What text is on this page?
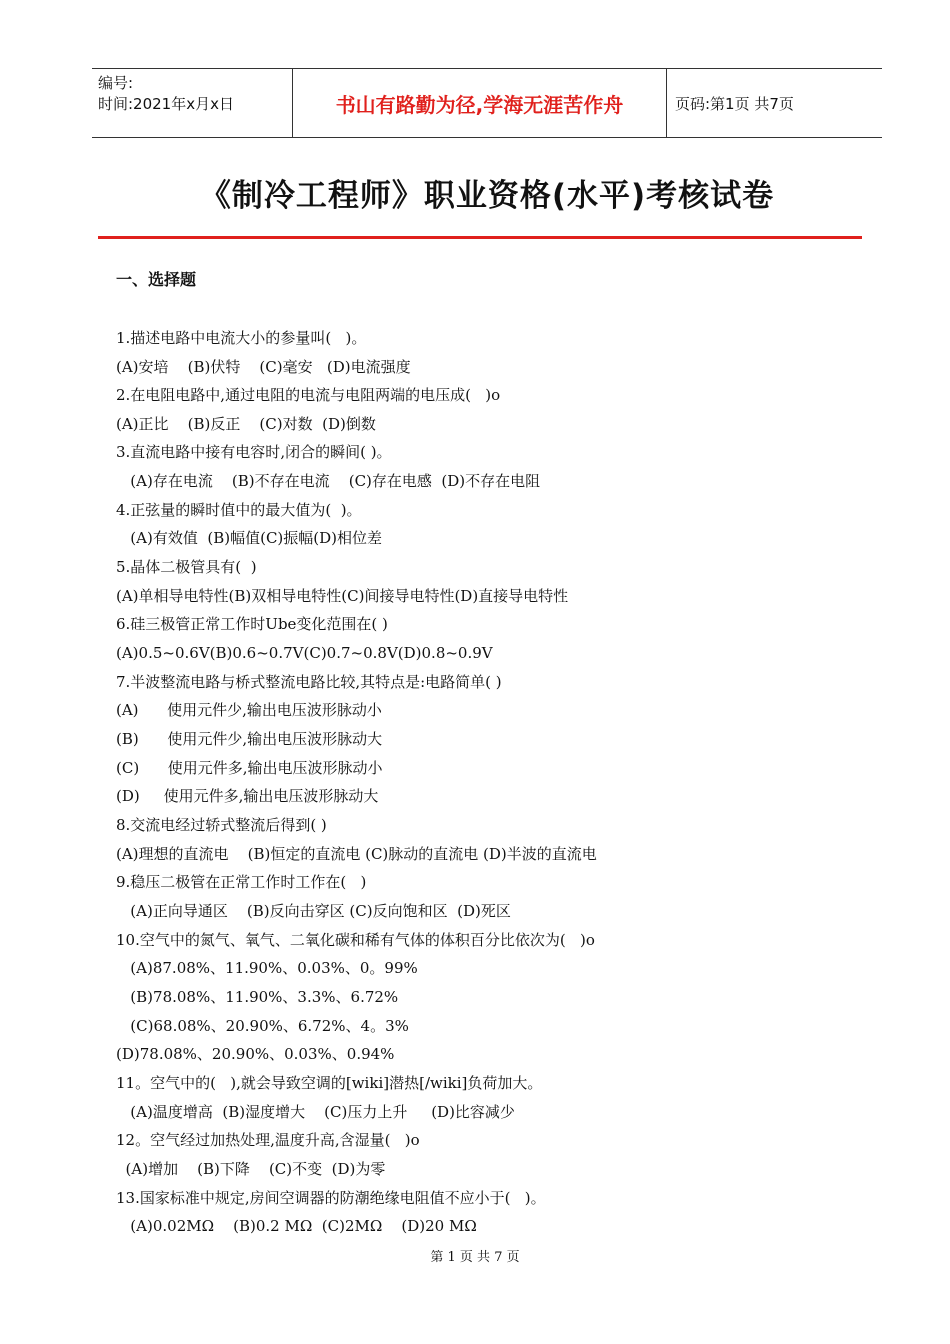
编号:
时间:2021年x月x日	书山有路勤为径,学海无涯苦作舟	页码:第1页 共7页
《制冷工程师》职业资格(水平)考核试卷
一、选择题
1.描述电路中电流大小的参量叫(   )。
(A)安培    (B)伏特    (C)毫安   (D)电流强度
2.在电阻电路中,通过电阻的电流与电阻两端的电压成(   )o
(A)正比    (B)反正    (C)对数  (D)倒数
3.直流电路中接有电容时,闭合的瞬间( )。
(A)存在电流    (B)不存在电流    (C)存在电感  (D)不存在电阻
4.正弦量的瞬时值中的最大值为(  )。
(A)有效值  (B)幅值(C)振幅(D)相位差
5.晶体二极管具有(  )
(A)单相导电特性(B)双相导电特性(C)间接导电特性(D)直接导电特性
6.硅三极管正常工作时Ube变化范围在( )
(A)0.5~0.6V(B)0.6~0.7V(C)0.7~0.8V(D)0.8~0.9V
7.半波整流电路与桥式整流电路比较,其特点是:电路简单( )
(A)      使用元件少,输出电压波形脉动小
(B)      使用元件少,输出电压波形脉动大
(C)      使用元件多,输出电压波形脉动小
(D)     使用元件多,输出电压波形脉动大
8.交流电经过轿式整流后得到( )
(A)理想的直流电    (B)恒定的直流电 (C)脉动的直流电 (D)半波的直流电
9.稳压二极管在正常工作时工作在(   )
(A)正向导通区    (B)反向击穿区 (C)反向饱和区  (D)死区
10.空气中的氮气、氧气、二氧化碳和稀有气体的体积百分比依次为(   )o
(A)87.08%、11.90%、0.03%、0。99%
(B)78.08%、11.90%、3.3%、6.72%
(C)68.08%、20.90%、6.72%、4。3%
(D)78.08%、20.90%、0.03%、0.94%
11。空气中的(   ),就会导致空调的[wiki]潜热[/wiki]负荷加大。
(A)温度增高  (B)湿度增大    (C)压力上升     (D)比容减少
12。空气经过加热处理,温度升高,含湿量(   )o
(A)增加    (B)下降    (C)不变  (D)为零
13.国家标准中规定,房间空调器的防潮绝缘电阻值不应小于(   )。
(A)0.02MΩ    (B)0.2 MΩ  (C)2MΩ    (D)20 MΩ
第 1 页 共 7 页
